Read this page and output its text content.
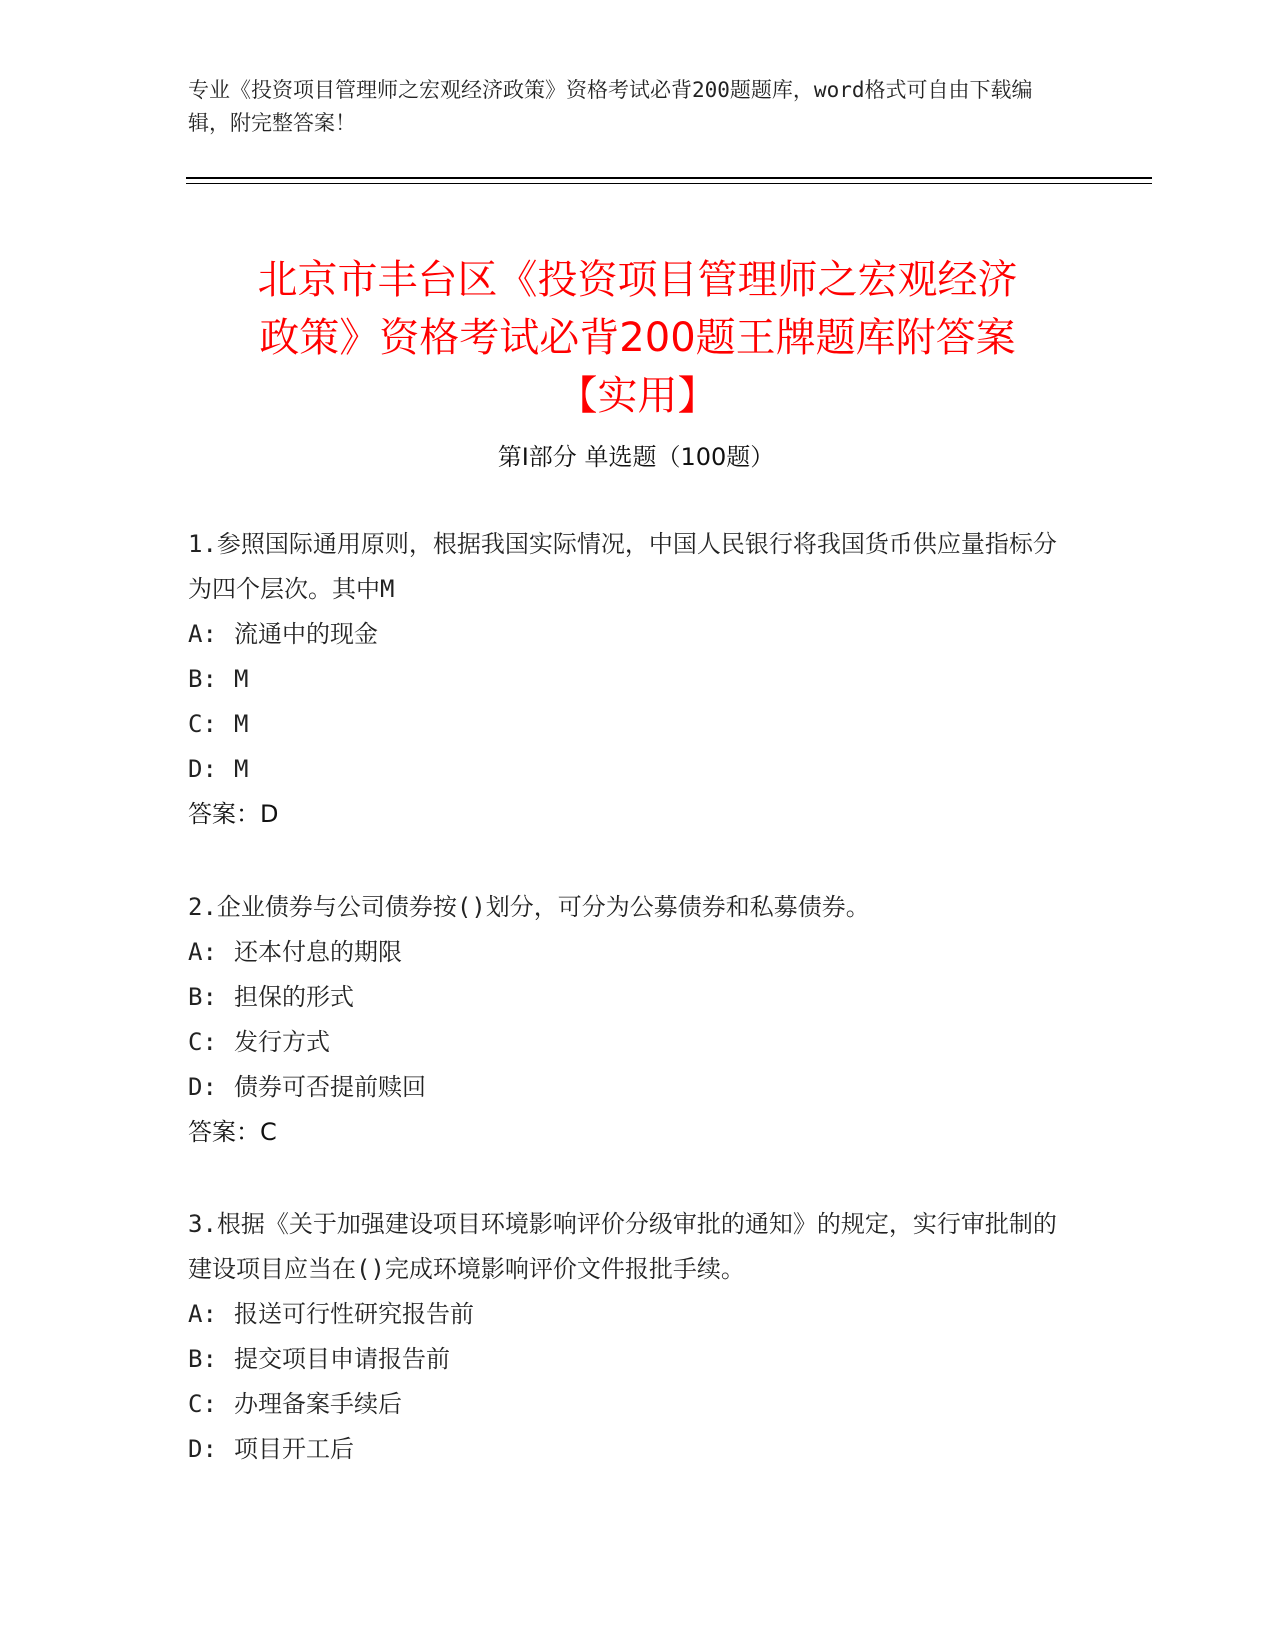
专业《投资项目管理师之宏观经济政策》资格考试必背200题题库，word格式可自由下载编辑，附完整答案！
北京市丰台区《投资项目管理师之宏观经济
政策》资格考试必背200题王牌题库附答案
【实用】
第I部分 单选题（100题）

1.参照国际通用原则，根据我国实际情况，中国人民银行将我国货币供应量指标分为四个层次。其中M

A: 流通中的现金

B: M

C: M

D: M

答案：D

2.企业债券与公司债券按()划分，可分为公募债券和私募债券。

A: 还本付息的期限

B: 担保的形式

C: 发行方式

D: 债券可否提前赎回

答案：C

3.根据《关于加强建设项目环境影响评价分级审批的通知》的规定，实行审批制的建设项目应当在()完成环境影响评价文件报批手续。

A: 报送可行性研究报告前

B: 提交项目申请报告前

C: 办理备案手续后

D: 项目开工后
